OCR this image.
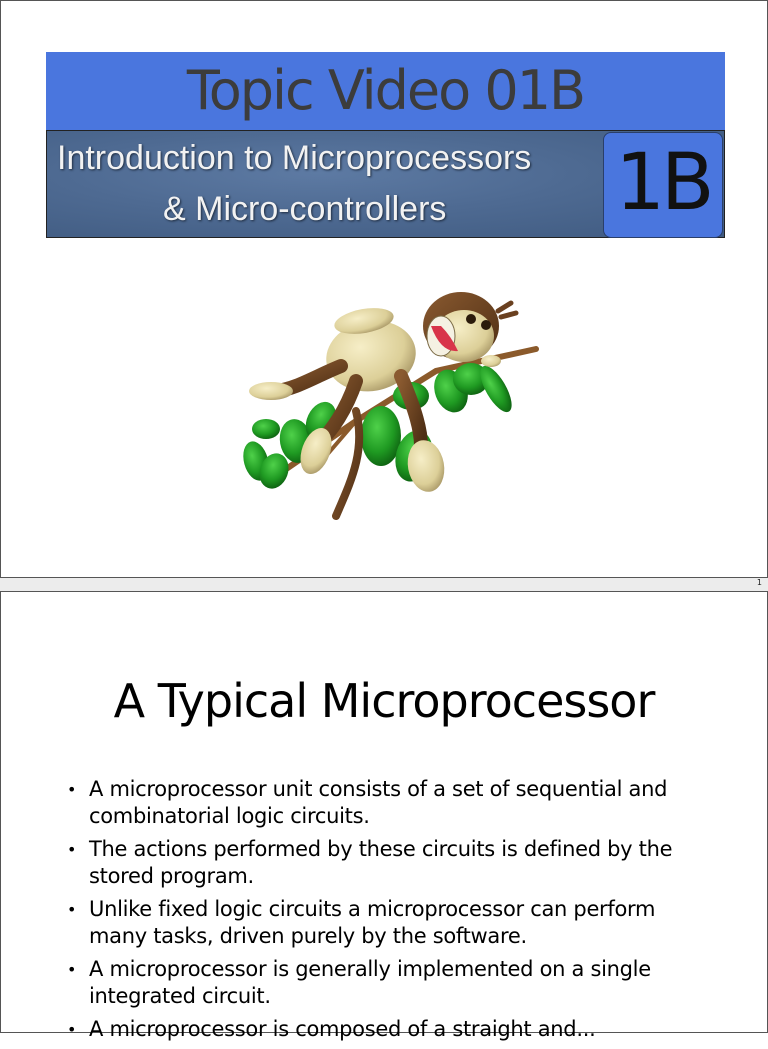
Topic Video 01B
Introduction to Microprocessors
& Micro-controllers 1B
1
A Typical Microprocessor
• A microprocessor unit consists of a set of sequential and combinatorial logic circuits.
• The actions performed by these circuits is defined by the stored program.
• Unlike fixed logic circuits a microprocessor can perform many tasks, driven purely by the software.
• A microprocessor is generally implemented on a single integrated circuit.
• A microprocessor is composed of a straight and...
